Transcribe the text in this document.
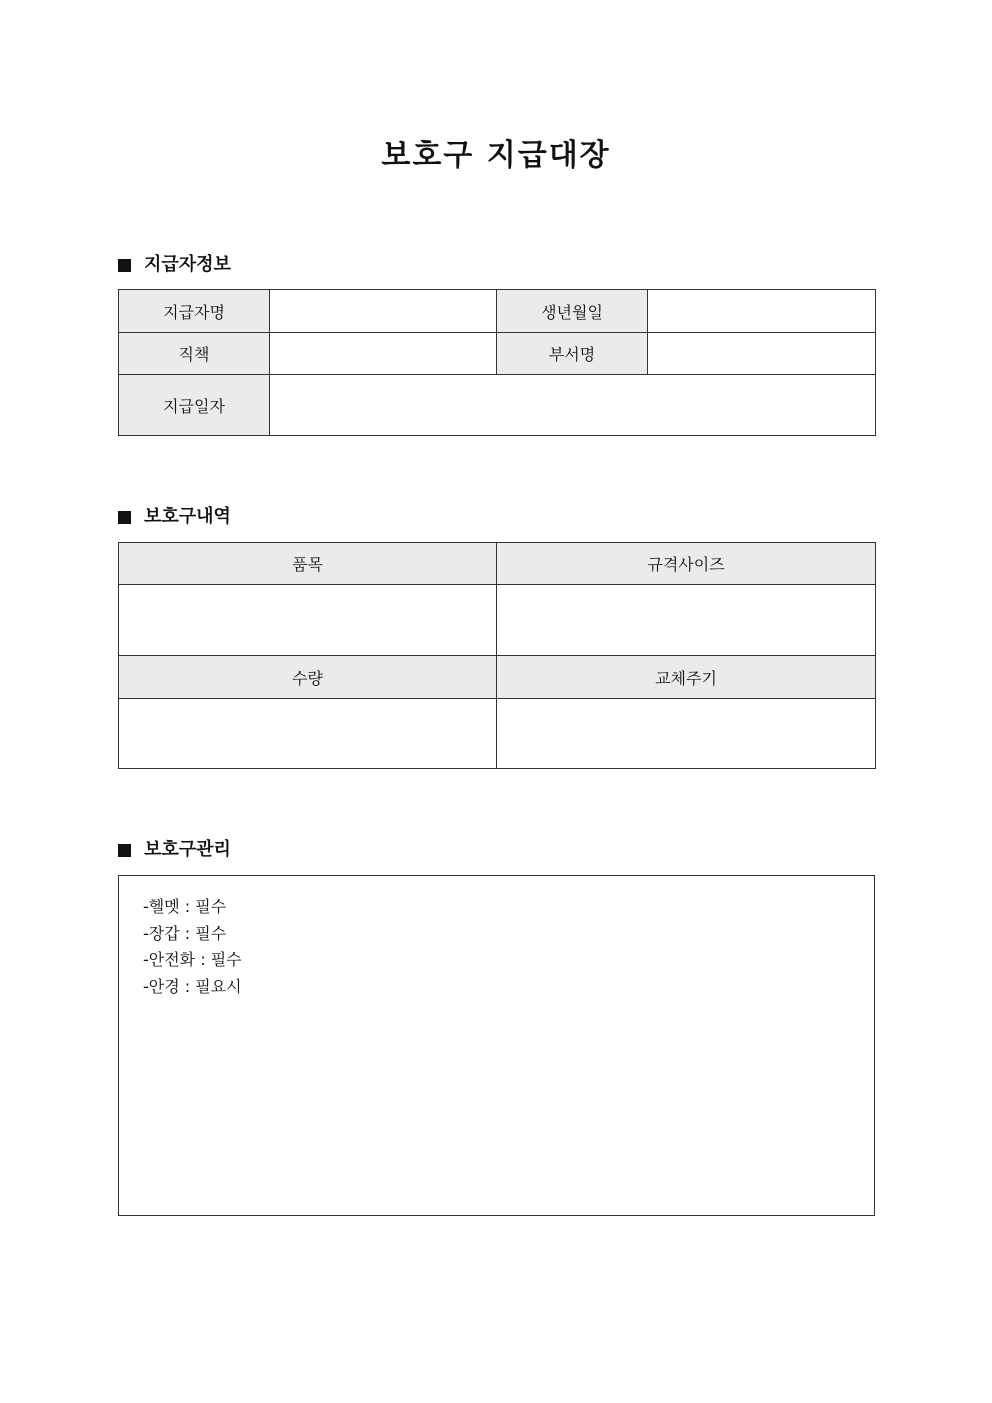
보호구 지급대장
지급자정보
지급자명		생년월일	
직책		부서명	
지급일자			
보호구내역
품목	규격사이즈

수량	교체주기

보호구관리
-헬멧 : 필수
-장갑 : 필수
-안전화 : 필수
-안경 : 필요시
